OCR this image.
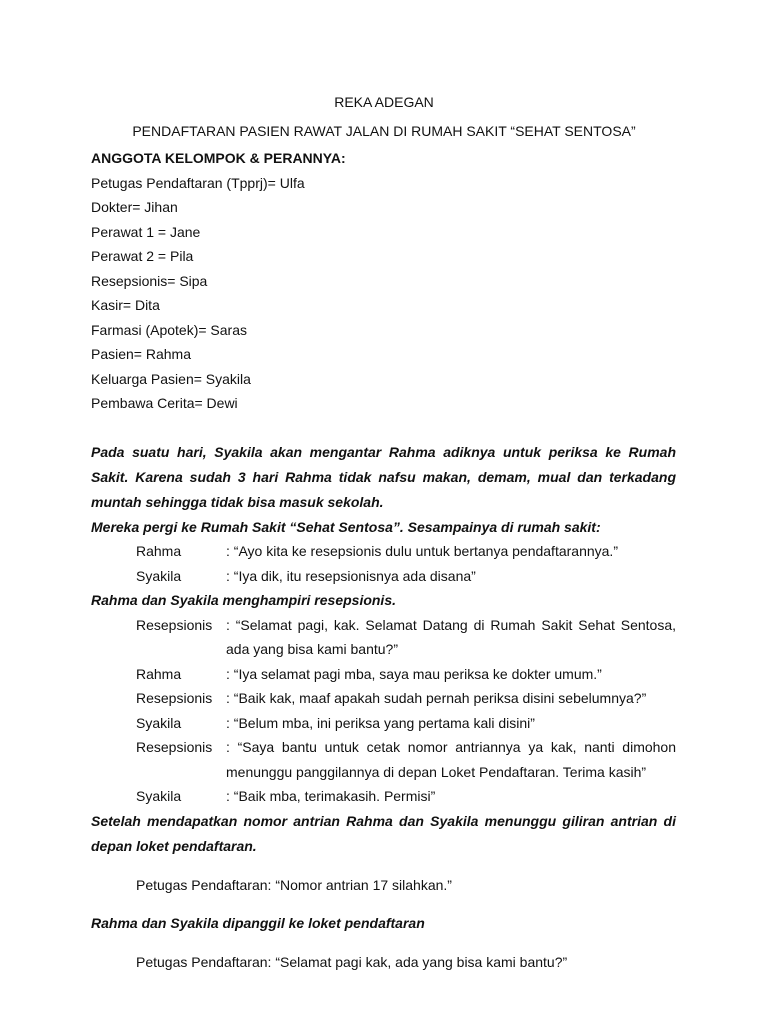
REKA ADEGAN
PENDAFTARAN PASIEN RAWAT JALAN DI RUMAH SAKIT “SEHAT SENTOSA”

ANGGOTA KELOMPOK & PERANNYA:

Petugas Pendaftaran (Tpprj)= Ulfa

Dokter= Jihan

Perawat 1 = Jane

Perawat 2 = Pila

Resepsionis= Sipa

Kasir= Dita

Farmasi (Apotek)= Saras

Pasien= Rahma

Keluarga Pasien= Syakila

Pembawa Cerita= Dewi

Pada suatu hari, Syakila akan mengantar Rahma adiknya untuk periksa ke Rumah Sakit. Karena sudah 3 hari Rahma tidak nafsu makan, demam, mual dan terkadang muntah sehingga tidak bisa masuk sekolah.

Mereka pergi ke Rumah Sakit “Sehat Sentosa”. Sesampainya di rumah sakit:

Rahma	: “Ayo kita ke resepsionis dulu untuk bertanya pendaftarannya.”
Syakila	: “Iya dik, itu resepsionisnya ada disana”

Rahma dan Syakila menghampiri resepsionis.

Resepsionis : “Selamat pagi, kak. Selamat Datang di Rumah Sakit Sehat Sentosa, ada yang bisa kami bantu?”
Rahma	: “Iya selamat pagi mba, saya mau periksa ke dokter umum.”
Resepsionis : “Baik kak, maaf apakah sudah pernah periksa disini sebelumnya?”
Syakila	: “Belum mba, ini periksa yang pertama kali disini”
Resepsionis : “Saya bantu untuk cetak nomor antriannya ya kak, nanti dimohon menunggu panggilannya di depan Loket Pendaftaran. Terima kasih”
Syakila	: “Baik mba, terimakasih. Permisi”

Setelah mendapatkan nomor antrian Rahma dan Syakila menunggu giliran antrian di depan loket pendaftaran.

Petugas Pendaftaran: “Nomor antrian 17 silahkan.”

Rahma dan Syakila dipanggil ke loket pendaftaran

Petugas Pendaftaran: “Selamat pagi kak, ada yang bisa kami bantu?”
